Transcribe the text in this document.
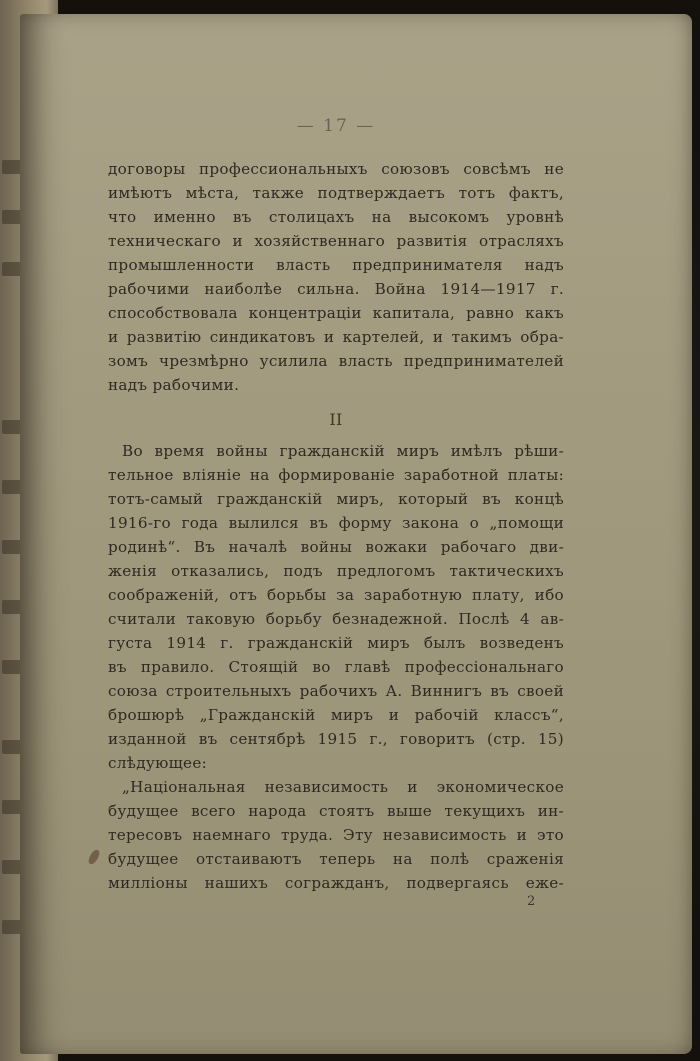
— 17 —
договоры профессиональныхъ союзовъ совсѣмъ не
имѣютъ мѣста, также подтверждаетъ тотъ фактъ,
что именно въ столицахъ на высокомъ уровнѣ
техническаго и хозяйственнаго развитія отрасляхъ
промышленности власть предпринимателя надъ
рабочими наиболѣе сильна. Война 1914—1917 г.
способствовала концентраціи капитала, равно какъ
и развитію синдикатовъ и картелей, и такимъ обра-
зомъ чрезмѣрно усилила власть предпринимателей
надъ рабочими.
II
Во время войны гражданскій миръ имѣлъ рѣши-
тельное вліяніе на формированіе заработной платы:
тотъ-самый гражданскій миръ, который въ концѣ
1916-го года вылился въ форму закона о „помощи
родинѣ“. Въ началѣ войны вожаки рабочаго дви-
женія отказались, подъ предлогомъ тактическихъ
соображеній, отъ борьбы за заработную плату, ибо
считали таковую борьбу безнадежной. Послѣ 4 ав-
густа 1914 г. гражданскій миръ былъ возведенъ
въ правило. Стоящій во главѣ профессіональнаго
союза строительныхъ рабочихъ А. Виннигъ въ своей
брошюрѣ „Гражданскій миръ и рабочій классъ“,
изданной въ сентябрѣ 1915 г., говоритъ (стр. 15)
слѣдующее:
„Національная независимость и экономическое
будущее всего народа стоятъ выше текущихъ ин-
тересовъ наемнаго труда. Эту независимость и это
будущее отстаиваютъ теперь на полѣ сраженія
милліоны нашихъ согражданъ, подвергаясь еже-
2
